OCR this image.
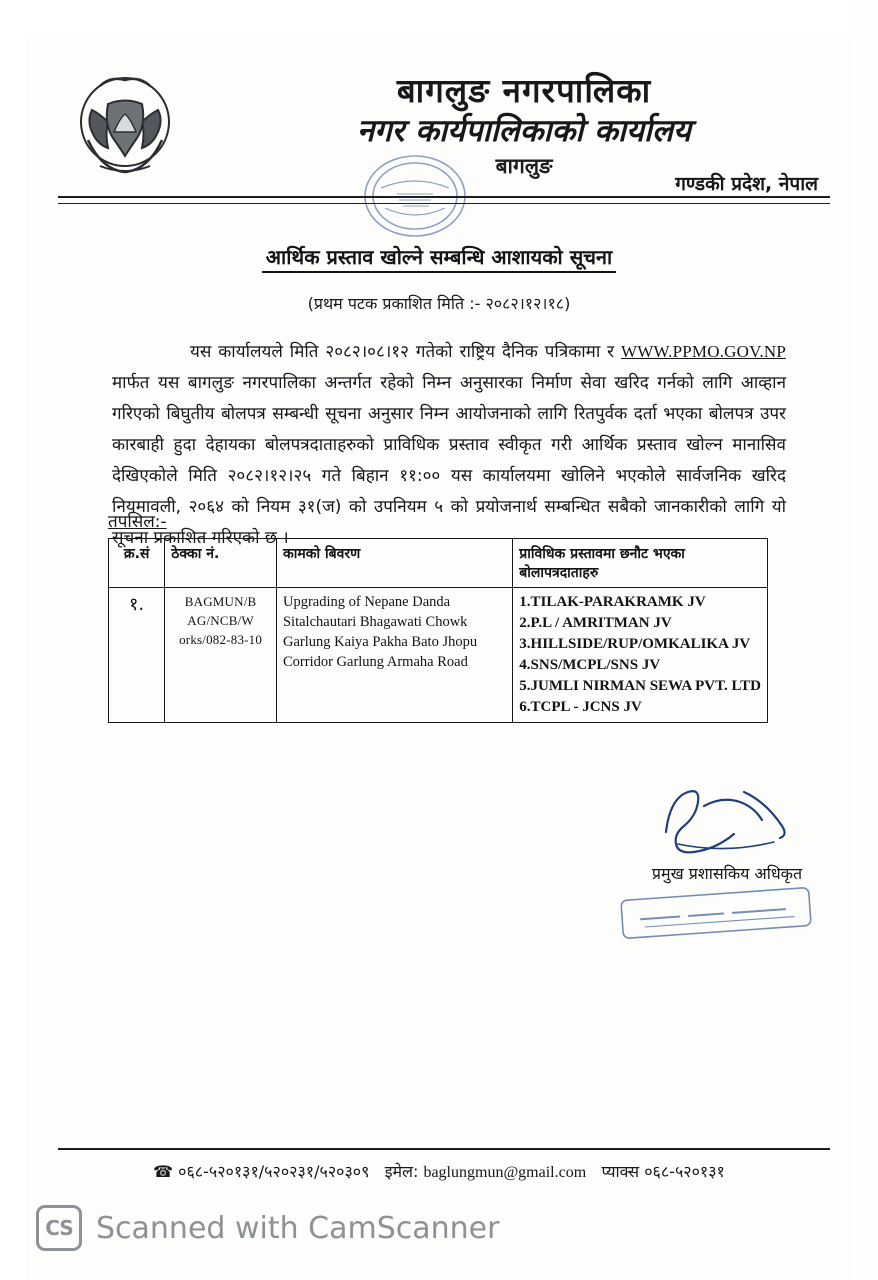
बागलुङ नगरपालिका
नगर कार्यपालिकाको कार्यालय
बागलुङ
गण्डकी प्रदेश, नेपाल
आर्थिक प्रस्ताव खोल्ने सम्बन्धि आशायको सूचना
(प्रथम पटक प्रकाशित मिति :- २०८२।१२।१८)
यस कार्यालयले मिति २०८२।०८।१२ गतेको राष्ट्रिय दैनिक पत्रिकामा र WWW.PPMO.GOV.NP मार्फत यस बागलुङ नगरपालिका अन्तर्गत रहेको निम्न अनुसारका निर्माण सेवा खरिद गर्नको लागि आव्हान गरिएको बिघुतीय बोलपत्र सम्बन्धी सूचना अनुसार निम्न आयोजनाको लागि रितपुर्वक दर्ता भएका बोलपत्र उपर कारबाही हुदा देहायका बोलपत्रदाताहरुको प्राविधिक प्रस्ताव स्वीकृत गरी आर्थिक प्रस्ताव खोल्न मानासिव देखिएकोले मिति २०८२।१२।२५ गते बिहान ११:०० यस कार्यालयमा खोलिने भएकोले सार्वजनिक खरिद नियमावली, २०६४ को नियम ३१(ज) को उपनियम ५ को प्रयोजनार्थ सम्बन्धित सबैको जानकारीको लागि यो सूचना प्रकाशित गरिएको छ ।
तपसिल:-
क्र.सं	ठेक्का नं.	कामको बिवरण	प्राविधिक प्रस्तावमा छनौट भएका बोलापत्रदाताहरु
१.	BAGMUN/B AG/NCB/W orks/082-83-10	Upgrading of Nepane Danda Sitalchautari Bhagawati Chowk Garlung Kaiya Pakha Bato Jhopu Corridor Garlung Armaha Road	
1.TILAK-PARAKRAMK JV
2.P.L / AMRITMAN JV
3.HILLSIDE/RUP/OMKALIKA JV
4.SNS/MCPL/SNS JV
5.JUMLI NIRMAN SEWA PVT. LTD
6.TCPL - JCNS JV
प्रमुख प्रशासकिय अधिकृत
☎ ०६८-५२०१३१/५२०२३१/५२०३०९ इमेल: baglungmun@gmail.com प्याक्स ०६८-५२०१३१
CS Scanned with CamScanner
